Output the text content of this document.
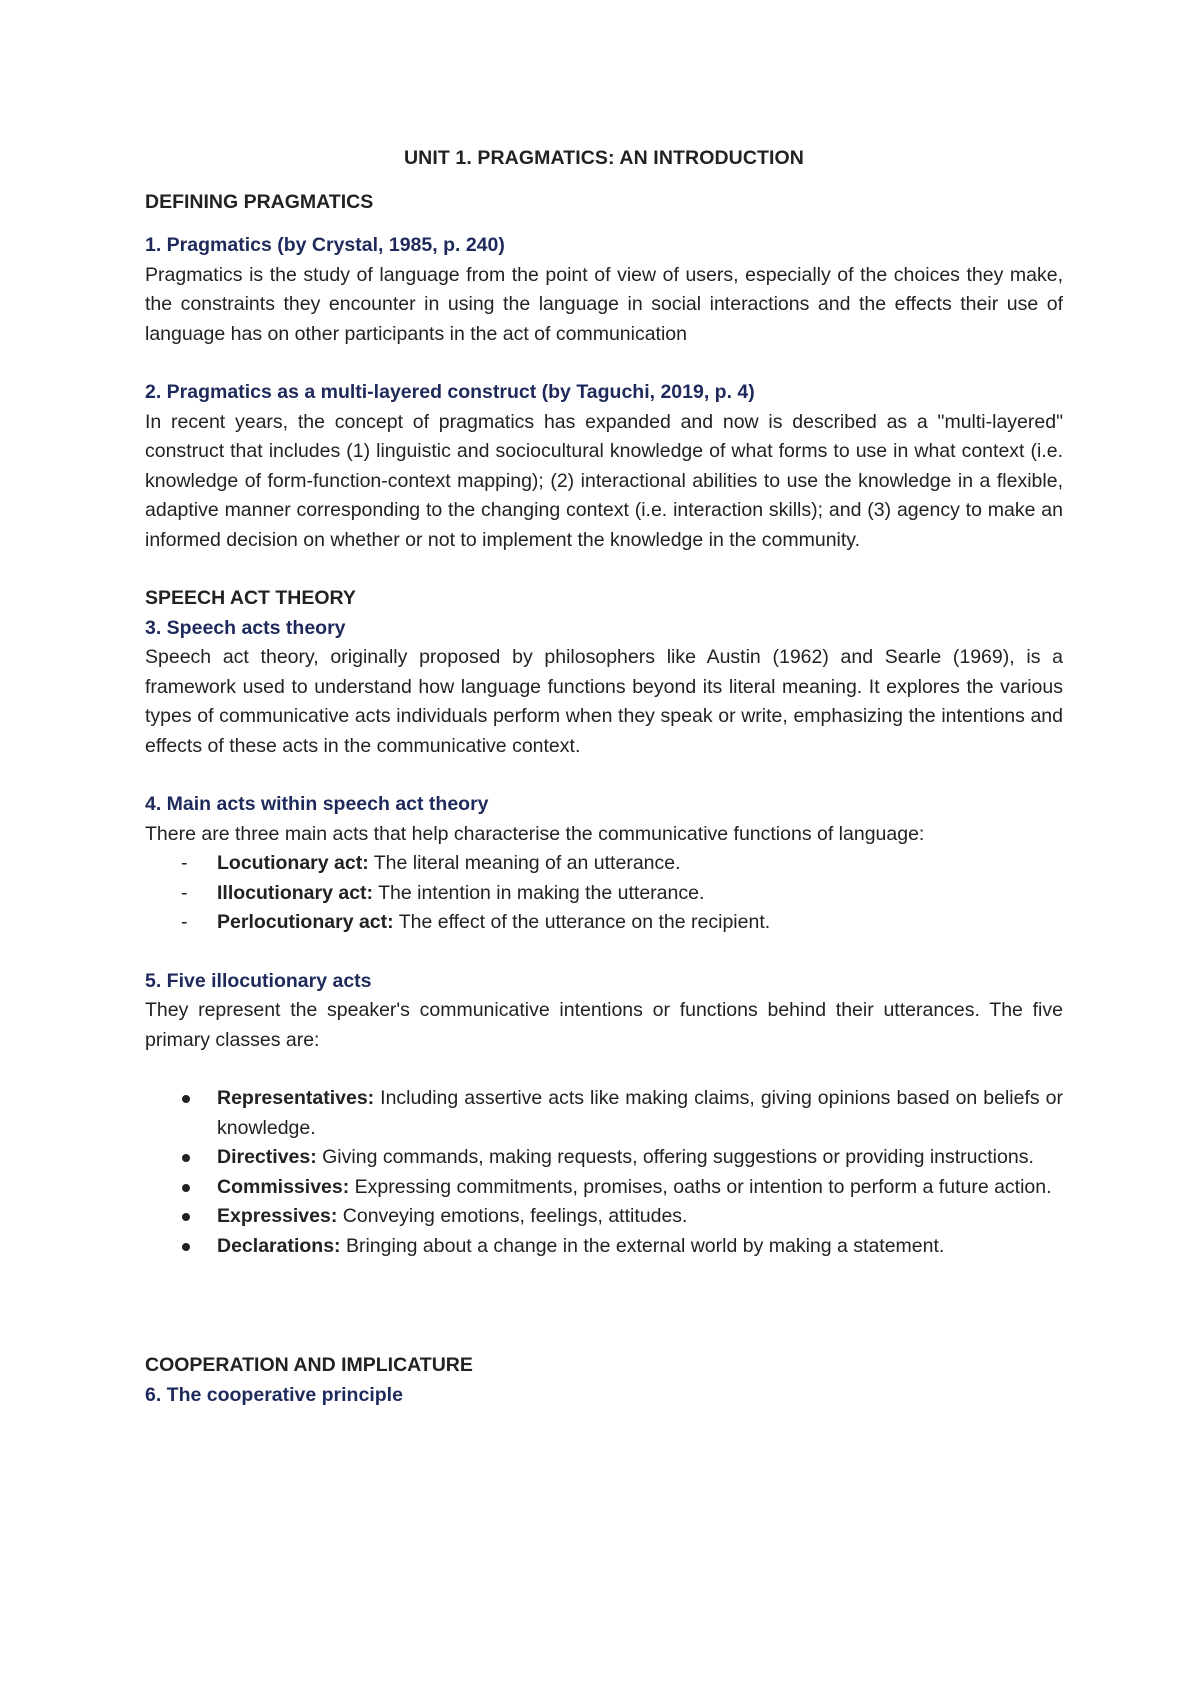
UNIT 1. PRAGMATICS: AN INTRODUCTION

DEFINING PRAGMATICS

1. Pragmatics (by Crystal, 1985, p. 240)

Pragmatics is the study of language from the point of view of users, especially of the choices they make, the constraints they encounter in using the language in social interactions and the effects their use of language has on other participants in the act of communication

2. Pragmatics as a multi-layered construct (by Taguchi, 2019, p. 4)

In recent years, the concept of pragmatics has expanded and now is described as a "multi-layered" construct that includes (1) linguistic and sociocultural knowledge of what forms to use in what context (i.e. knowledge of form-function-context mapping); (2) interactional abilities to use the knowledge in a flexible, adaptive manner corresponding to the changing context (i.e. interaction skills); and (3) agency to make an informed decision on whether or not to implement the knowledge in the community.

SPEECH ACT THEORY

3. Speech acts theory

Speech act theory, originally proposed by philosophers like Austin (1962) and Searle (1969), is a framework used to understand how language functions beyond its literal meaning. It explores the various types of communicative acts individuals perform when they speak or write, emphasizing the intentions and effects of these acts in the communicative context.

4. Main acts within speech act theory

There are three main acts that help characterise the communicative functions of language:

- Locutionary act: The literal meaning of an utterance.
- Illocutionary act: The intention in making the utterance.
- Perlocutionary act: The effect of the utterance on the recipient.

5. Five illocutionary acts

They represent the speaker's communicative intentions or functions behind their utterances. The five primary classes are:

Representatives: Including assertive acts like making claims, giving opinions based on beliefs or knowledge.
Directives: Giving commands, making requests, offering suggestions or providing instructions.
Commissives: Expressing commitments, promises, oaths or intention to perform a future action.
Expressives: Conveying emotions, feelings, attitudes.
Declarations: Bringing about a change in the external world by making a statement.

COOPERATION AND IMPLICATURE

6. The cooperative principle
